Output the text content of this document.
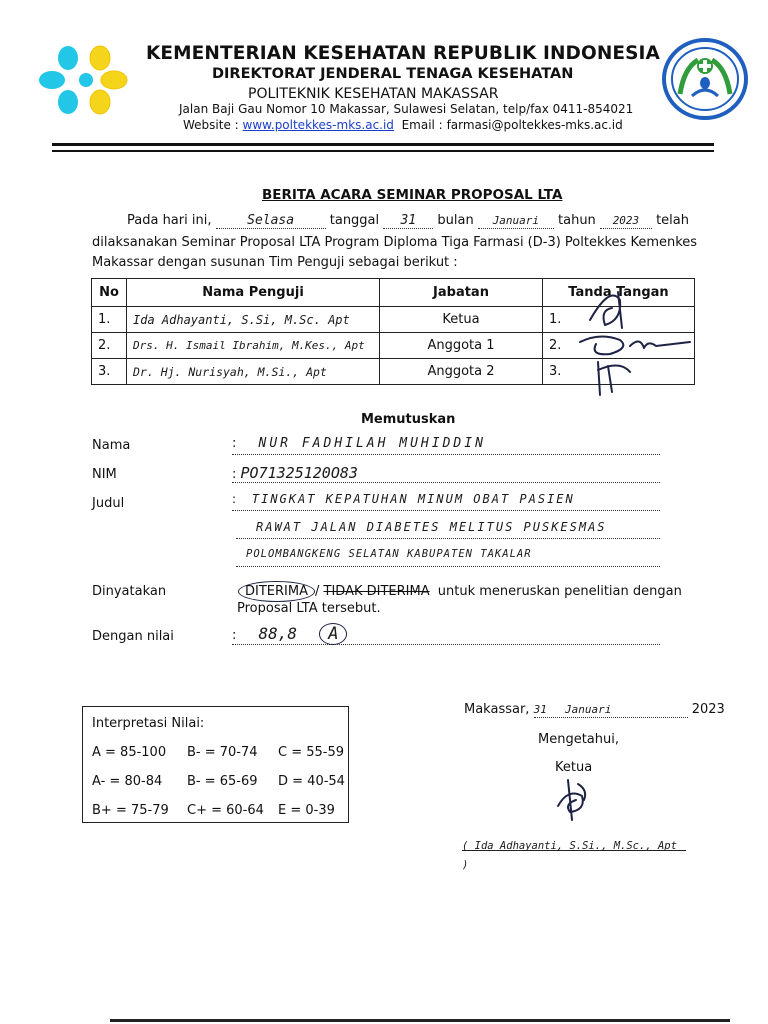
KEMENTERIAN KESEHATAN REPUBLIK INDONESIA
DIREKTORAT JENDERAL TENAGA KESEHATAN
POLITEKNIK KESEHATAN MAKASSAR
Jalan Baji Gau Nomor 10 Makassar, Sulawesi Selatan, telp/fax 0411-854021
Website : www.poltekkes-mks.ac.id Email : farmasi@poltekkes-mks.ac.id
BERITA ACARA SEMINAR PROPOSAL LTA
Pada hari ini,	Selasa	tanggal 31 bulan Januari tahun 2023 telah
dilaksanakan Seminar Proposal LTA Program Diploma Tiga Farmasi (D-3) Poltekkes Kemenkes
Makassar dengan susunan Tim Penguji sebagai berikut :
No	Nama Penguji	Jabatan	Tanda Tangan
1.	Ida Adhayanti, S.Si, M.Sc. Apt	Ketua	1.
2.	Drs. H. Ismail Ibrahim, M.Kes., Apt	Anggota 1	2.
3.	Dr. Hj. Nurisyah, M.Si., Apt	Anggota 2	3.
Memutuskan
Nama	: NUR FADHILAH MUHIDDIN
NIM	: PO71325120O83
Judul	: TINGKAT KEPATUHAN MINUM OBAT PASIEN
RAWAT JALAN DIABETES MELITUS PUSKESMAS
POLOMBANGKENG SELATAN KABUPATEN TAKALAR
Dinyatakan	DITERIMA / TIDAK DITERIMA untuk meneruskan penelitian dengan
Proposal LTA tersebut.
Dengan nilai	: 88,8 A
Interpretasi Nilai:
A = 85-100 B- = 70-74 C = 55-59
A- = 80-84 B- = 65-69 D = 40-54
B+ = 75-79 C+ = 60-64 E = 0-39
Makassar, 31 Januari	2023
Mengetahui,
Ketua
( Ida Adhayanti, S.Si., M.Sc., Apt )
